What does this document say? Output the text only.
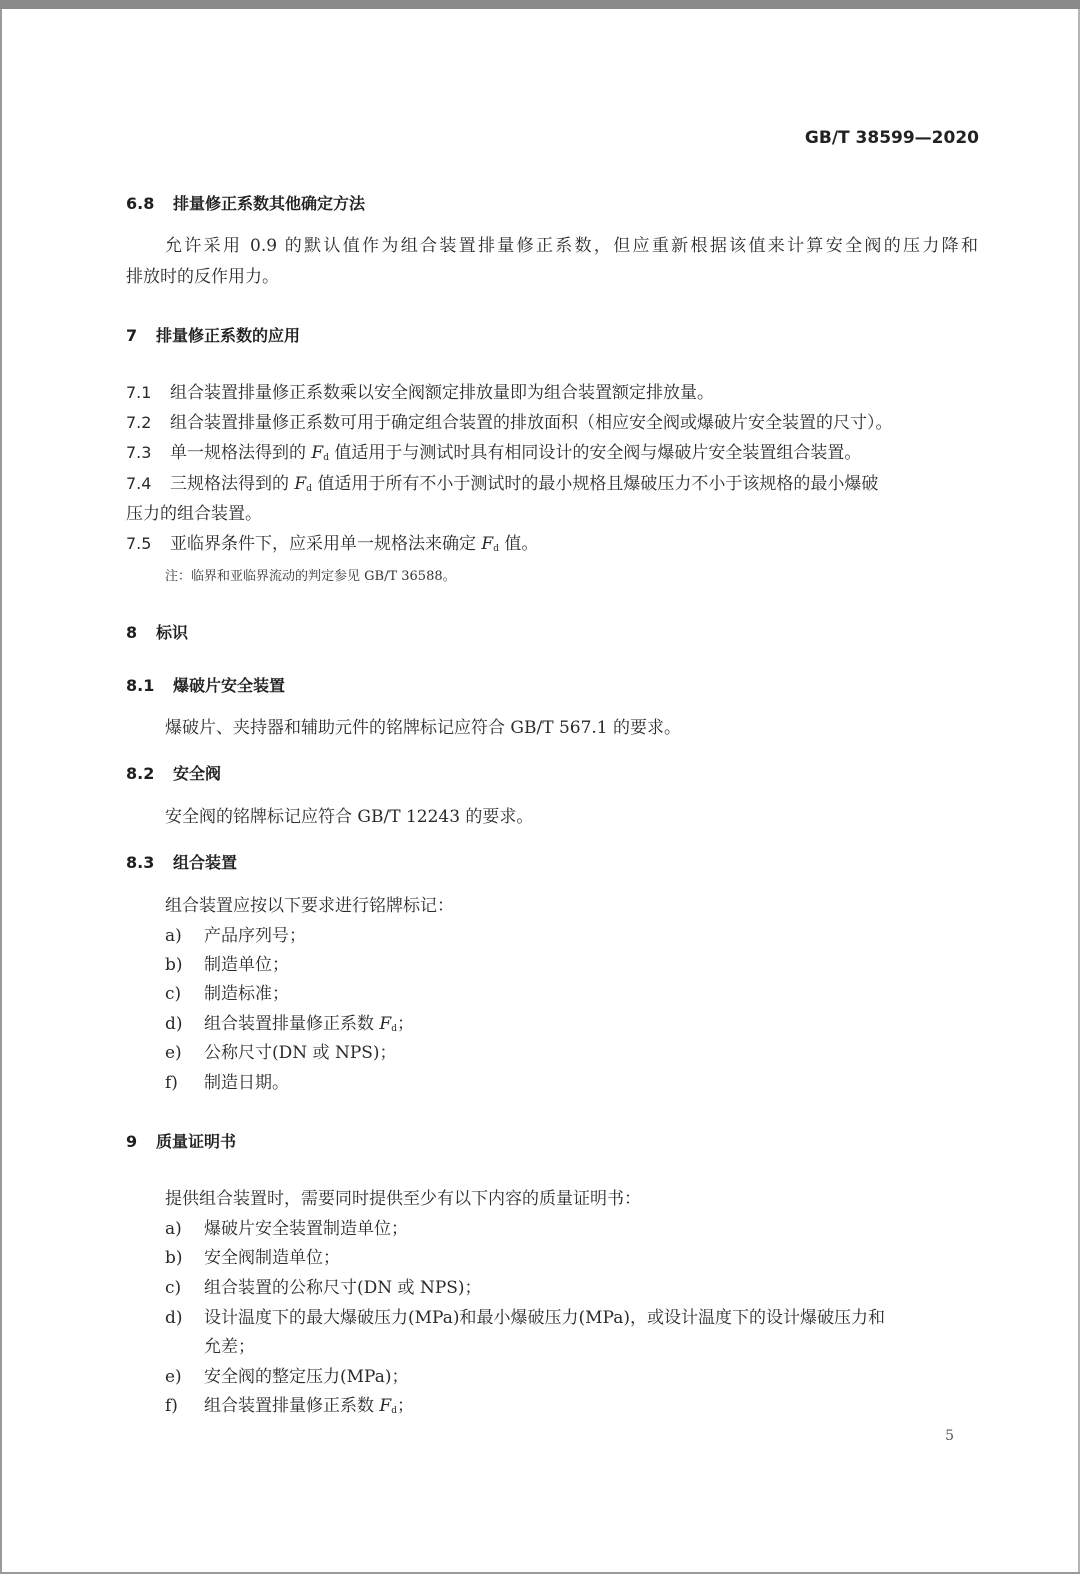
GB/T 38599—2020
6.8 排量修正系数其他确定方法
允许采用 0.9 的默认值作为组合装置排量修正系数，但应重新根据该值来计算安全阀的压力降和
排放时的反作用力。
7 排量修正系数的应用
7.1 组合装置排量修正系数乘以安全阀额定排放量即为组合装置额定排放量。
7.2 组合装置排量修正系数可用于确定组合装置的排放面积（相应安全阀或爆破片安全装置的尺寸）。
7.3 单一规格法得到的 $F_d$ 值适用于与测试时具有相同设计的安全阀与爆破片安全装置组合装置。
7.4 三规格法得到的 $F_d$ 值适用于所有不小于测试时的最小规格且爆破压力不小于该规格的最小爆破
压力的组合装置。
7.5 亚临界条件下，应采用单一规格法来确定 $F_d$ 值。
注：临界和亚临界流动的判定参见 GB/T 36588。
8 标识
8.1 爆破片安全装置
爆破片、夹持器和辅助元件的铭牌标记应符合 GB/T 567.1 的要求。
8.2 安全阀
安全阀的铭牌标记应符合 GB/T 12243 的要求。
8.3 组合装置
组合装置应按以下要求进行铭牌标记：
a) 产品序列号；
b) 制造单位；
c) 制造标准；
d) 组合装置排量修正系数 $F_d$；
e) 公称尺寸(DN 或 NPS)；
f) 制造日期。
9 质量证明书
提供组合装置时，需要同时提供至少有以下内容的质量证明书：
a) 爆破片安全装置制造单位；
b) 安全阀制造单位；
c) 组合装置的公称尺寸(DN 或 NPS)；
d) 设计温度下的最大爆破压力(MPa)和最小爆破压力(MPa)，或设计温度下的设计爆破压力和
允差；
e) 安全阀的整定压力(MPa)；
f) 组合装置排量修正系数 $F_d$；
5
